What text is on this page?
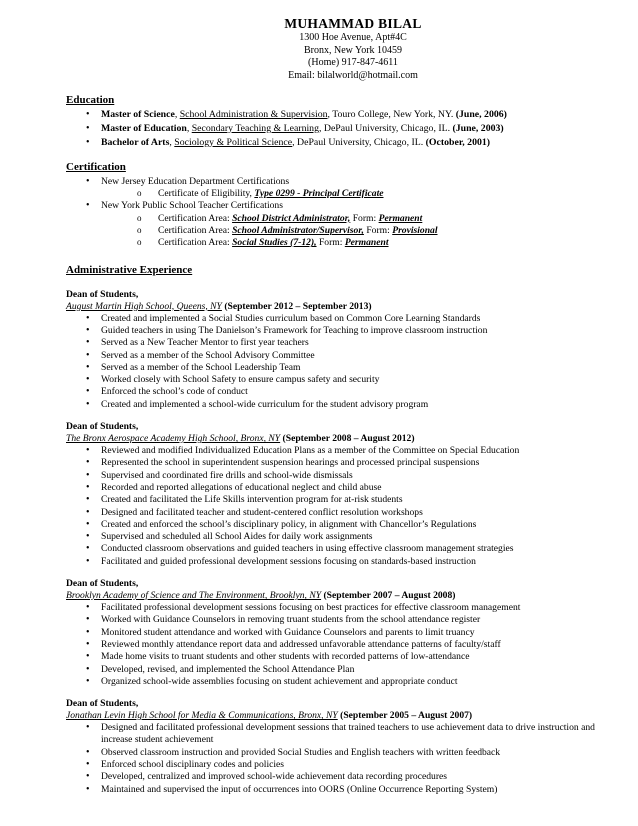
MUHAMMAD BILAL
1300 Hoe Avenue, Apt#4C
Bronx, New York 10459
(Home) 917-847-4611
Email: bilalworld@hotmail.com
Education
• Master of Science, School Administration & Supervision, Touro College, New York, NY. (June, 2006)
• Master of Education, Secondary Teaching & Learning, DePaul University, Chicago, IL. (June, 2003)
• Bachelor of Arts, Sociology & Political Science, DePaul University, Chicago, IL. (October, 2001)
Certification
• New Jersey Education Department Certifications
o Certificate of Eligibility, Type 0299 - Principal Certificate
• New York Public School Teacher Certifications
o Certification Area: School District Administrator, Form: Permanent
o Certification Area: School Administrator/Supervisor, Form: Provisional
o Certification Area: Social Studies (7-12), Form: Permanent
Administrative Experience
Dean of Students,
August Martin High School, Queens, NY (September 2012 – September 2013)
• Created and implemented a Social Studies curriculum based on Common Core Learning Standards
• Guided teachers in using The Danielson’s Framework for Teaching to improve classroom instruction
• Served as a New Teacher Mentor to first year teachers
• Served as a member of the School Advisory Committee
• Served as a member of the School Leadership Team
• Worked closely with School Safety to ensure campus safety and security
• Enforced the school’s code of conduct
• Created and implemented a school-wide curriculum for the student advisory program
Dean of Students,
The Bronx Aerospace Academy High School, Bronx, NY (September 2008 – August 2012)
• Reviewed and modified Individualized Education Plans as a member of the Committee on Special Education
• Represented the school in superintendent suspension hearings and processed principal suspensions
• Supervised and coordinated fire drills and school-wide dismissals
• Recorded and reported allegations of educational neglect and child abuse
• Created and facilitated the Life Skills intervention program for at-risk students
• Designed and facilitated teacher and student-centered conflict resolution workshops
• Created and enforced the school’s disciplinary policy, in alignment with Chancellor’s Regulations
• Supervised and scheduled all School Aides for daily work assignments
• Conducted classroom observations and guided teachers in using effective classroom management strategies
• Facilitated and guided professional development sessions focusing on standards-based instruction
Dean of Students,
Brooklyn Academy of Science and The Environment, Brooklyn, NY (September 2007 – August 2008)
• Facilitated professional development sessions focusing on best practices for effective classroom management
• Worked with Guidance Counselors in removing truant students from the school attendance register
• Monitored student attendance and worked with Guidance Counselors and parents to limit truancy
• Reviewed monthly attendance report data and addressed unfavorable attendance patterns of faculty/staff
• Made home visits to truant students and other students with recorded patterns of low-attendance
• Developed, revised, and implemented the School Attendance Plan
• Organized school-wide assemblies focusing on student achievement and appropriate conduct
Dean of Students,
Jonathan Levin High School for Media & Communications, Bronx, NY (September 2005 – August 2007)
• Designed and facilitated professional development sessions that trained teachers to use achievement data to drive instruction and increase student achievement
• Observed classroom instruction and provided Social Studies and English teachers with written feedback
• Enforced school disciplinary codes and policies
• Developed, centralized and improved school-wide achievement data recording procedures
• Maintained and supervised the input of occurrences into OORS (Online Occurrence Reporting System)
